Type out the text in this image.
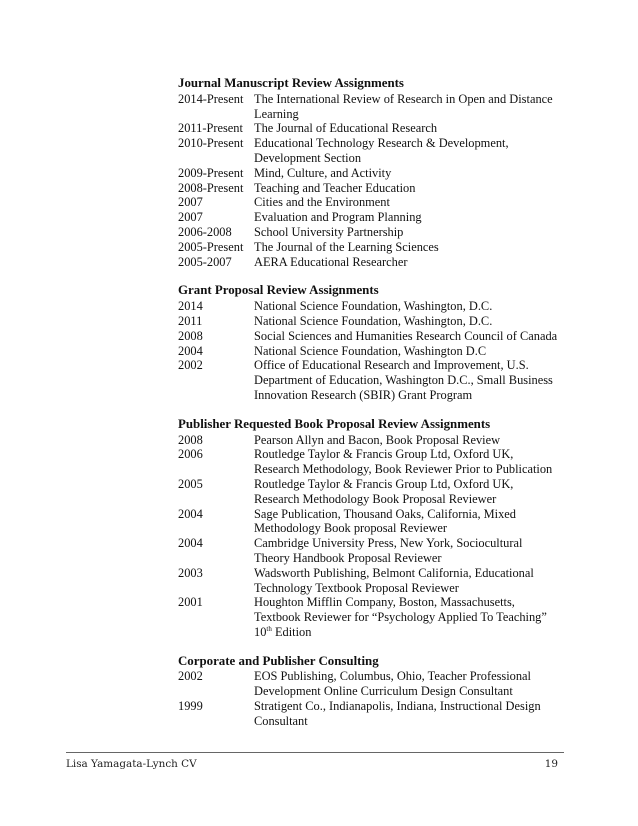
Journal Manuscript Review Assignments
2014-Present The International Review of Research in Open and Distance
Learning
2011-Present The Journal of Educational Research
2010-Present Educational Technology Research & Development,
Development Section
2009-Present Mind, Culture, and Activity
2008-Present Teaching and Teacher Education
2007	Cities and the Environment
2007	Evaluation and Program Planning
2006-2008	School University Partnership
2005-Present The Journal of the Learning Sciences
2005-2007	AERA Educational Researcher
Grant Proposal Review Assignments
2014	National Science Foundation, Washington, D.C.
2011	National Science Foundation, Washington, D.C.
2008	Social Sciences and Humanities Research Council of Canada
2004	National Science Foundation, Washington D.C
2002	Office of Educational Research and Improvement, U.S.
Department of Education, Washington D.C., Small Business
Innovation Research (SBIR) Grant Program
Publisher Requested Book Proposal Review Assignments
2008	Pearson Allyn and Bacon, Book Proposal Review
2006	Routledge Taylor & Francis Group Ltd, Oxford UK,
Research Methodology, Book Reviewer Prior to Publication
2005	Routledge Taylor & Francis Group Ltd, Oxford UK,
Research Methodology Book Proposal Reviewer
2004	Sage Publication, Thousand Oaks, California, Mixed
Methodology Book proposal Reviewer
2004	Cambridge University Press, New York, Sociocultural
Theory Handbook Proposal Reviewer
2003	Wadsworth Publishing, Belmont California, Educational
Technology Textbook Proposal Reviewer
2001	Houghton Mifflin Company, Boston, Massachusetts,
Textbook Reviewer for “Psychology Applied To Teaching”
10th Edition
Corporate and Publisher Consulting
2002	EOS Publishing, Columbus, Ohio, Teacher Professional
Development Online Curriculum Design Consultant
1999	Stratigent Co., Indianapolis, Indiana, Instructional Design
Consultant
Lisa Yamagata-Lynch CV	19
